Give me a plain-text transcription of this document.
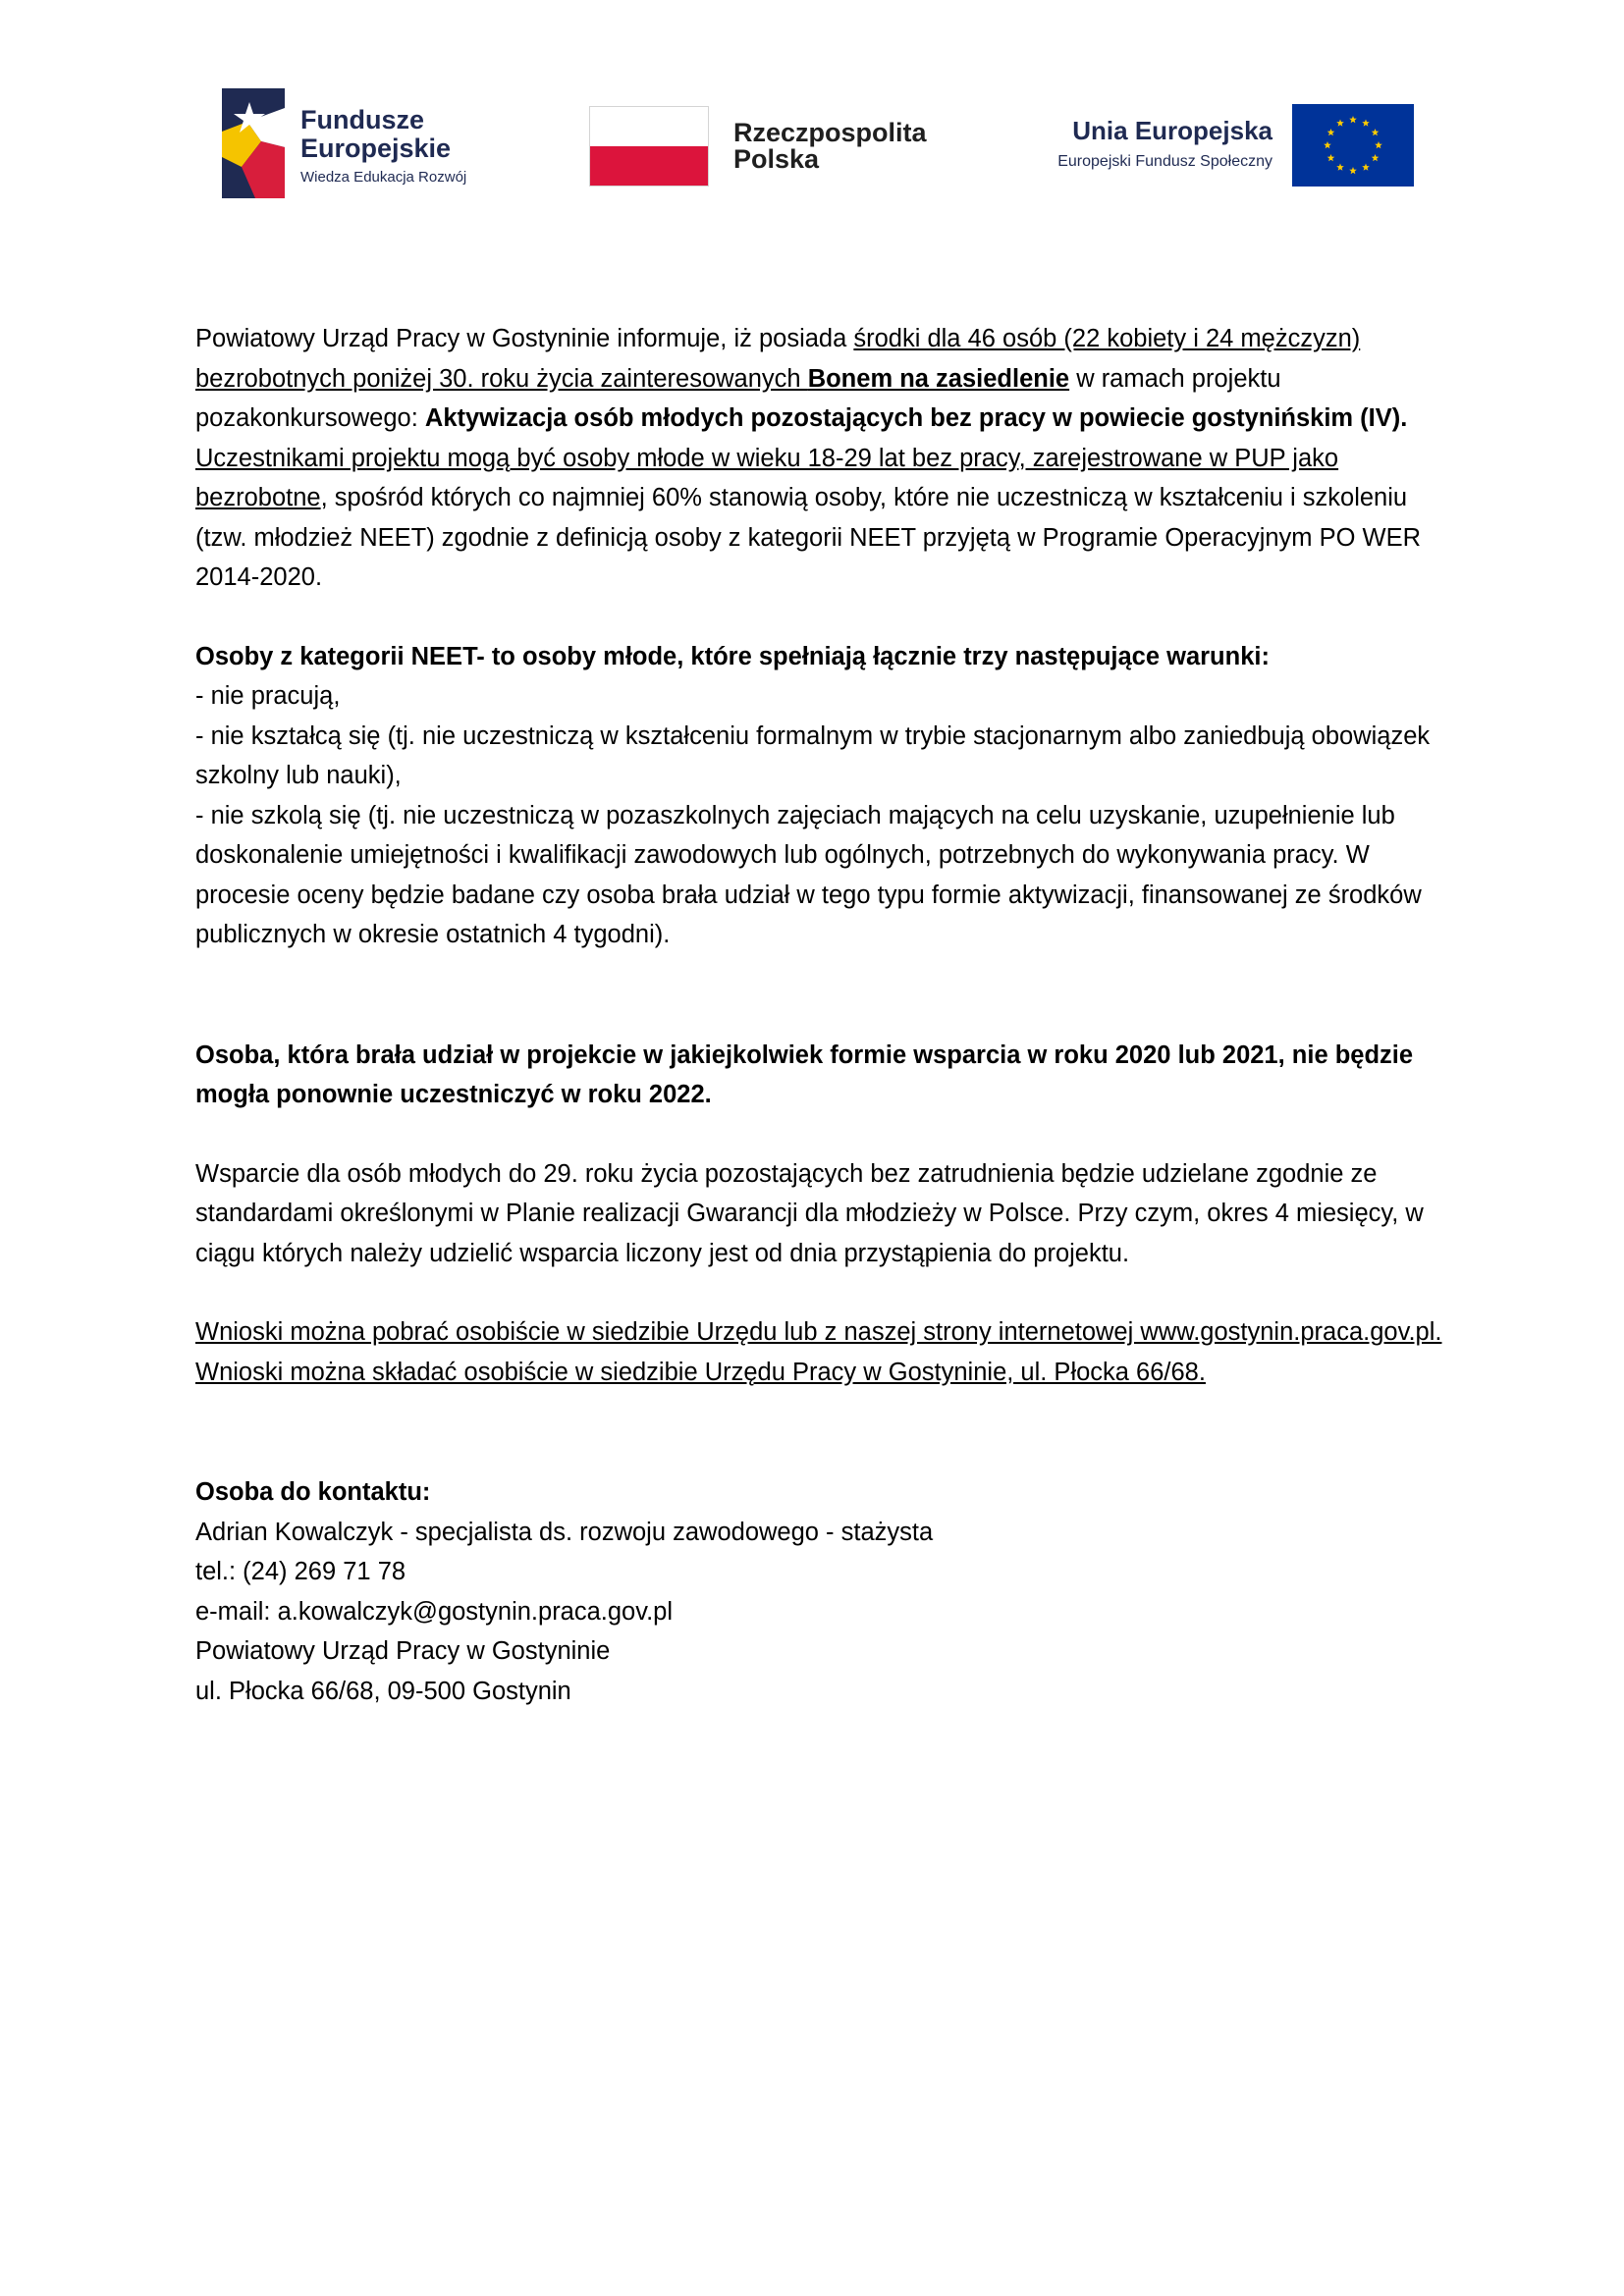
Fundusze
Europejskie
Wiedza Edukacja Rozwój
Rzeczpospolita
Polska
Unia Europejska
Europejski Fundusz Społeczny

Powiatowy Urząd Pracy w Gostyninie informuje, iż posiada środki dla 46 osób (22 kobiety i 24 mężczyzn) bezrobotnych poniżej 30. roku życia zainteresowanych Bonem na zasiedlenie w ramach projektu pozakonkursowego: Aktywizacja osób młodych pozostających bez pracy w powiecie gostynińskim (IV).

Uczestnikami projektu mogą być osoby młode w wieku 18-29 lat bez pracy, zarejestrowane w PUP jako bezrobotne, spośród których co najmniej 60% stanowią osoby, które nie uczestniczą w kształceniu i szkoleniu (tzw. młodzież NEET) zgodnie z definicją osoby z kategorii NEET przyjętą w Programie Operacyjnym PO WER 2014-2020.

Osoby z kategorii NEET- to osoby młode, które spełniają łącznie trzy następujące warunki:

- nie pracują,

- nie kształcą się (tj. nie uczestniczą w kształceniu formalnym w trybie stacjonarnym albo zaniedbują obowiązek szkolny lub nauki),

- nie szkolą się (tj. nie uczestniczą w pozaszkolnych zajęciach mających na celu uzyskanie, uzupełnienie lub doskonalenie umiejętności i kwalifikacji zawodowych lub ogólnych, potrzebnych do wykonywania pracy. W procesie oceny będzie badane czy osoba brała udział w tego typu formie aktywizacji, finansowanej ze środków publicznych w okresie ostatnich 4 tygodni).

Osoba, która brała udział w projekcie w jakiejkolwiek formie wsparcia w roku 2020 lub 2021, nie będzie mogła ponownie uczestniczyć w roku 2022.

Wsparcie dla osób młodych do 29. roku życia pozostających bez zatrudnienia będzie udzielane zgodnie ze standardami określonymi w Planie realizacji Gwarancji dla młodzieży w Polsce. Przy czym, okres 4 miesięcy, w ciągu których należy udzielić wsparcia liczony jest od dnia przystąpienia do projektu.

Wnioski można pobrać osobiście w siedzibie Urzędu lub z naszej strony internetowej www.gostynin.praca.gov.pl.

Wnioski można składać osobiście w siedzibie Urzędu Pracy w Gostyninie, ul. Płocka 66/68.

Osoba do kontaktu:

Adrian Kowalczyk - specjalista ds. rozwoju zawodowego - stażysta

tel.: (24) 269 71 78

e-mail: a.kowalczyk@gostynin.praca.gov.pl

Powiatowy Urząd Pracy w Gostyninie

ul. Płocka 66/68, 09-500 Gostynin
